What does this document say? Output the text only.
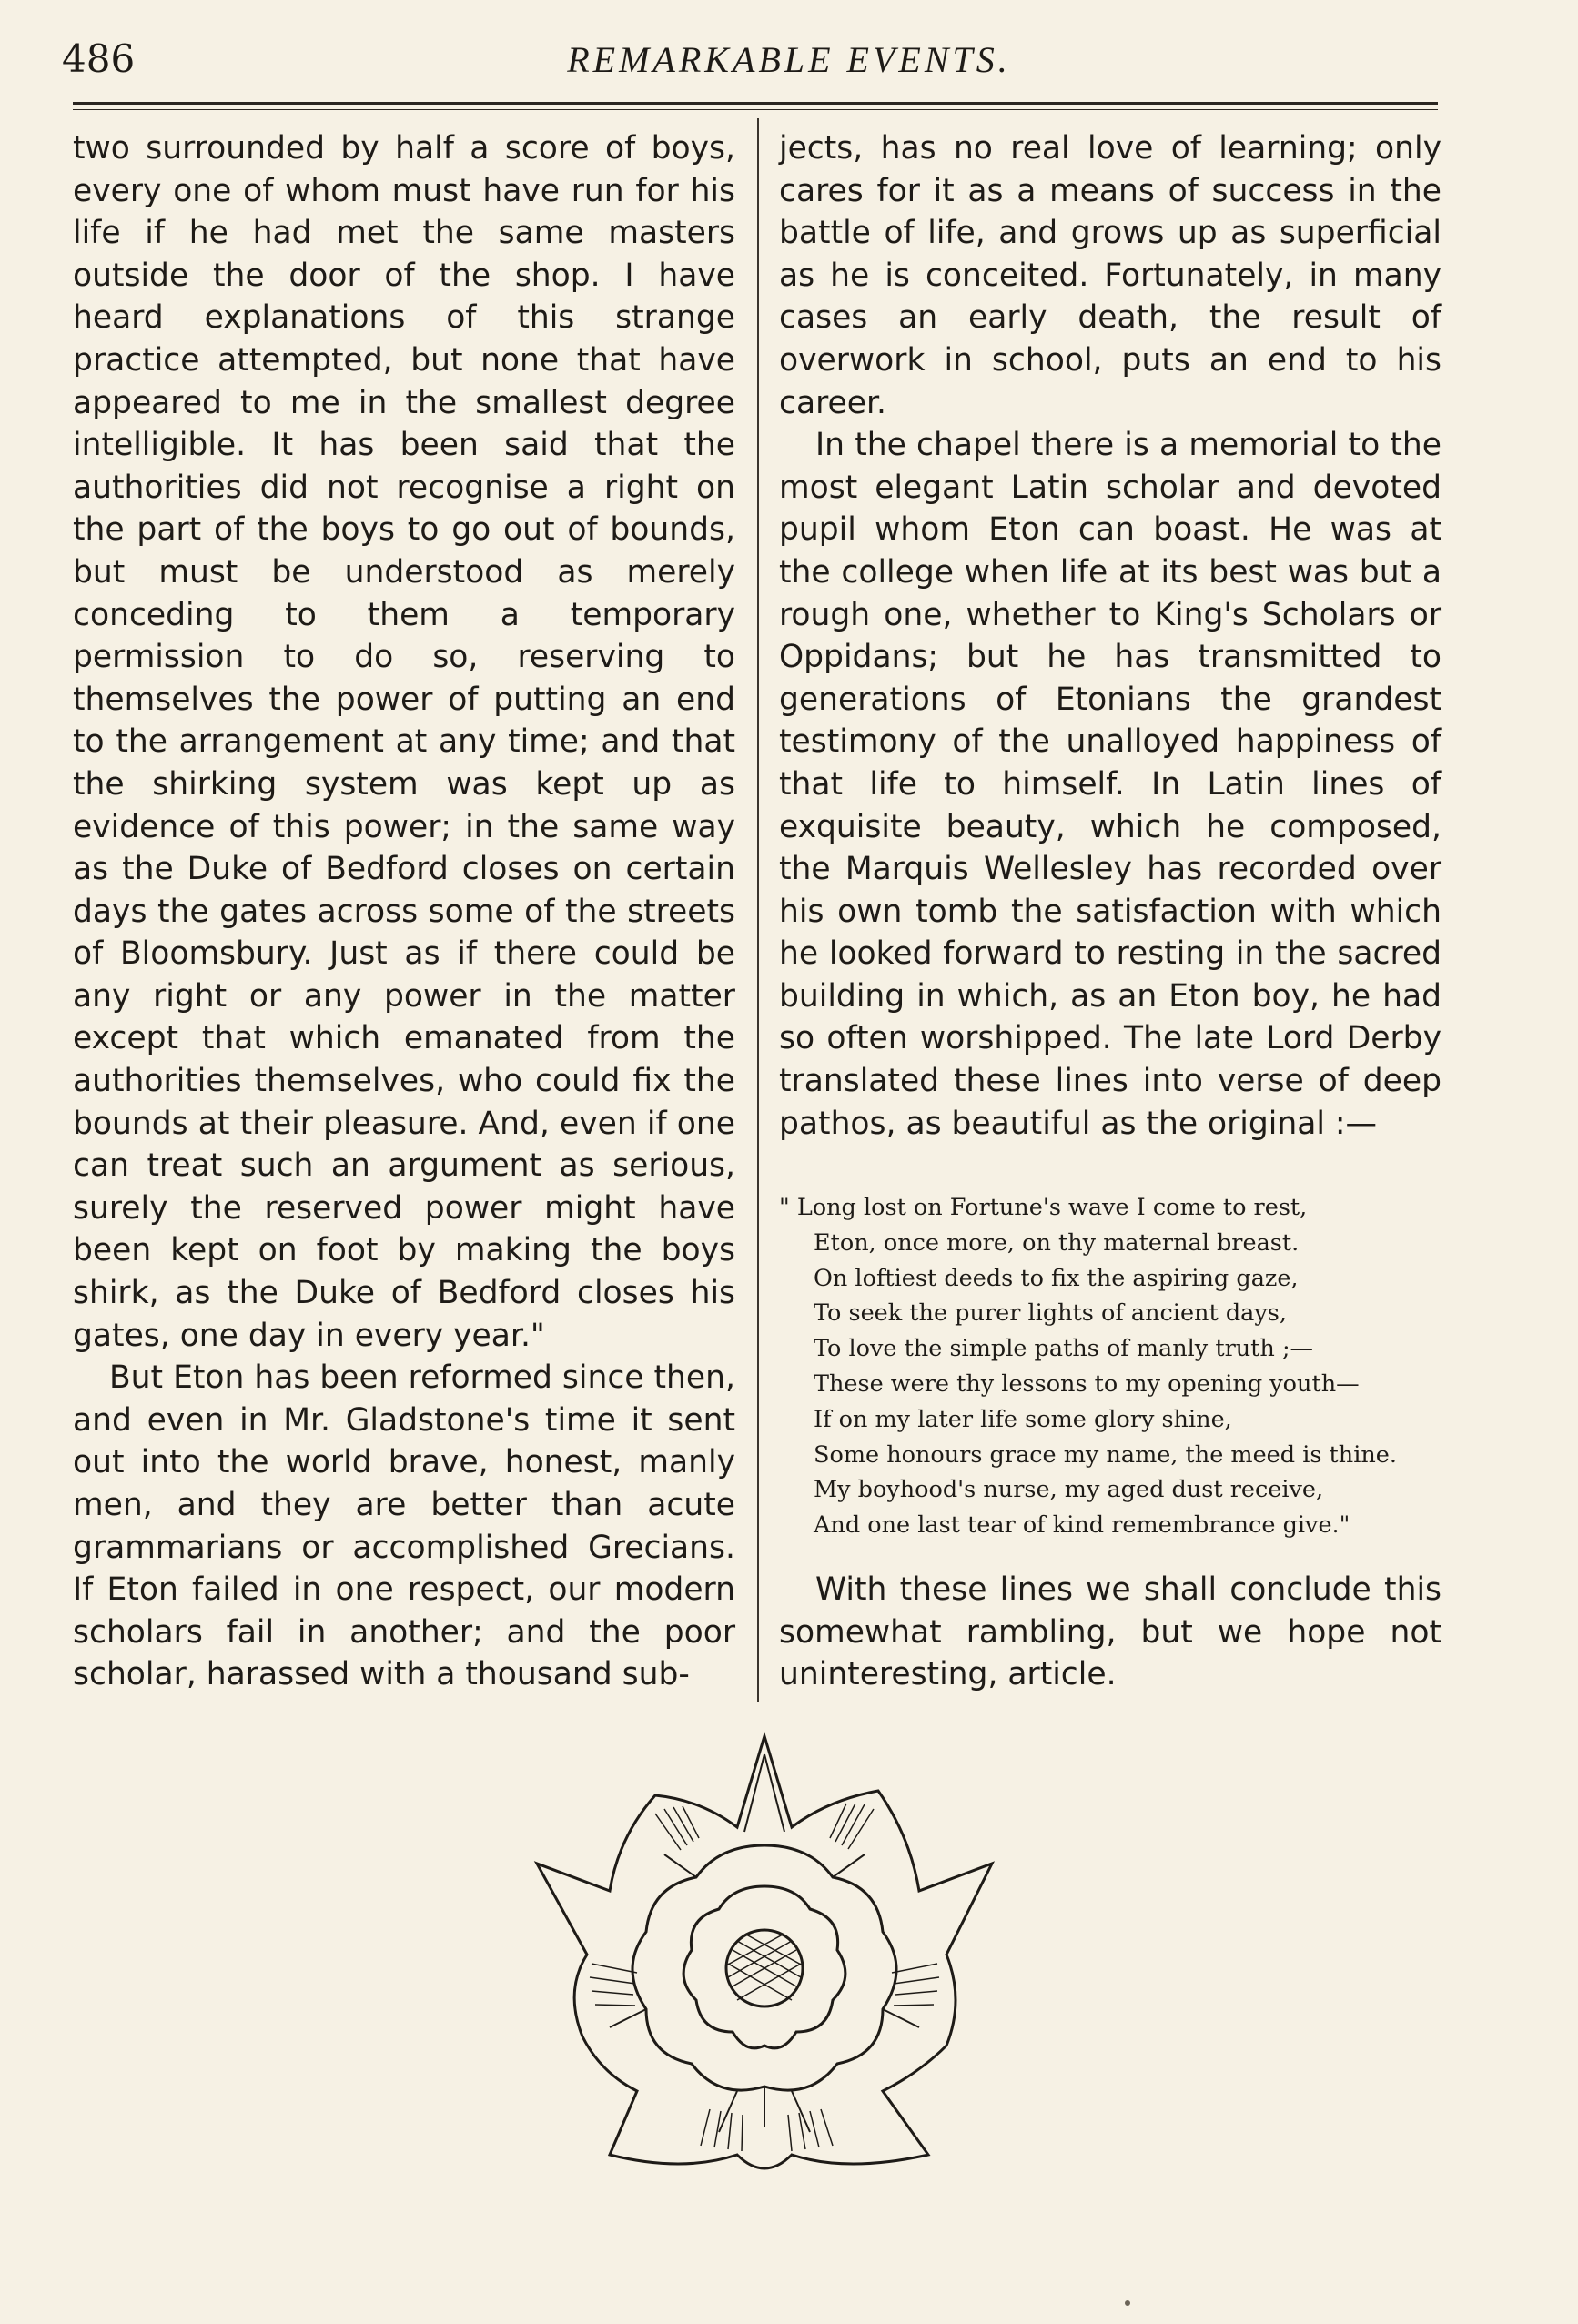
486	REMARKABLE EVENTS.

two surrounded by half a score of boys, every one of whom must have run for his life if he had met the same masters outside the door of the shop. I have heard explanations of this strange practice attempted, but none that have appeared to me in the smallest degree intelligible. It has been said that the authorities did not recognise a right on the part of the boys to go out of bounds, but must be understood as merely conceding to them a temporary permission to do so, reserving to themselves the power of putting an end to the arrangement at any time; and that the shirking system was kept up as evidence of this power; in the same way as the Duke of Bedford closes on certain days the gates across some of the streets of Bloomsbury. Just as if there could be any right or any power in the matter except that which emanated from the authorities themselves, who could fix the bounds at their pleasure. And, even if one can treat such an argument as serious, surely the reserved power might have been kept on foot by making the boys shirk, as the Duke of Bedford closes his gates, one day in every year."

But Eton has been reformed since then, and even in Mr. Gladstone's time it sent out into the world brave, honest, manly men, and they are better than acute grammarians or accomplished Grecians. If Eton failed in one respect, our modern scholars fail in another; and the poor scholar, harassed with a thousand sub-

jects, has no real love of learning; only cares for it as a means of success in the battle of life, and grows up as superficial as he is conceited. Fortunately, in many cases an early death, the result of overwork in school, puts an end to his career.

In the chapel there is a memorial to the most elegant Latin scholar and devoted pupil whom Eton can boast. He was at the college when life at its best was but a rough one, whether to King's Scholars or Oppidans; but he has transmitted to generations of Etonians the grandest testimony of the unalloyed happiness of that life to himself. In Latin lines of exquisite beauty, which he composed, the Marquis Wellesley has recorded over his own tomb the satisfaction with which he looked forward to resting in the sacred building in which, as an Eton boy, he had so often worshipped. The late Lord Derby translated these lines into verse of deep pathos, as beautiful as the original :—

" Long lost on Fortune's wave I come to rest,
Eton, once more, on thy maternal breast.
On loftiest deeds to fix the aspiring gaze,
To seek the purer lights of ancient days,
To love the simple paths of manly truth ;—
These were thy lessons to my opening youth—
If on my later life some glory shine,
Some honours grace my name, the meed is thine.
My boyhood's nurse, my aged dust receive,
And one last tear of kind remembrance give."

With these lines we shall conclude this somewhat rambling, but we hope not uninteresting, article.
